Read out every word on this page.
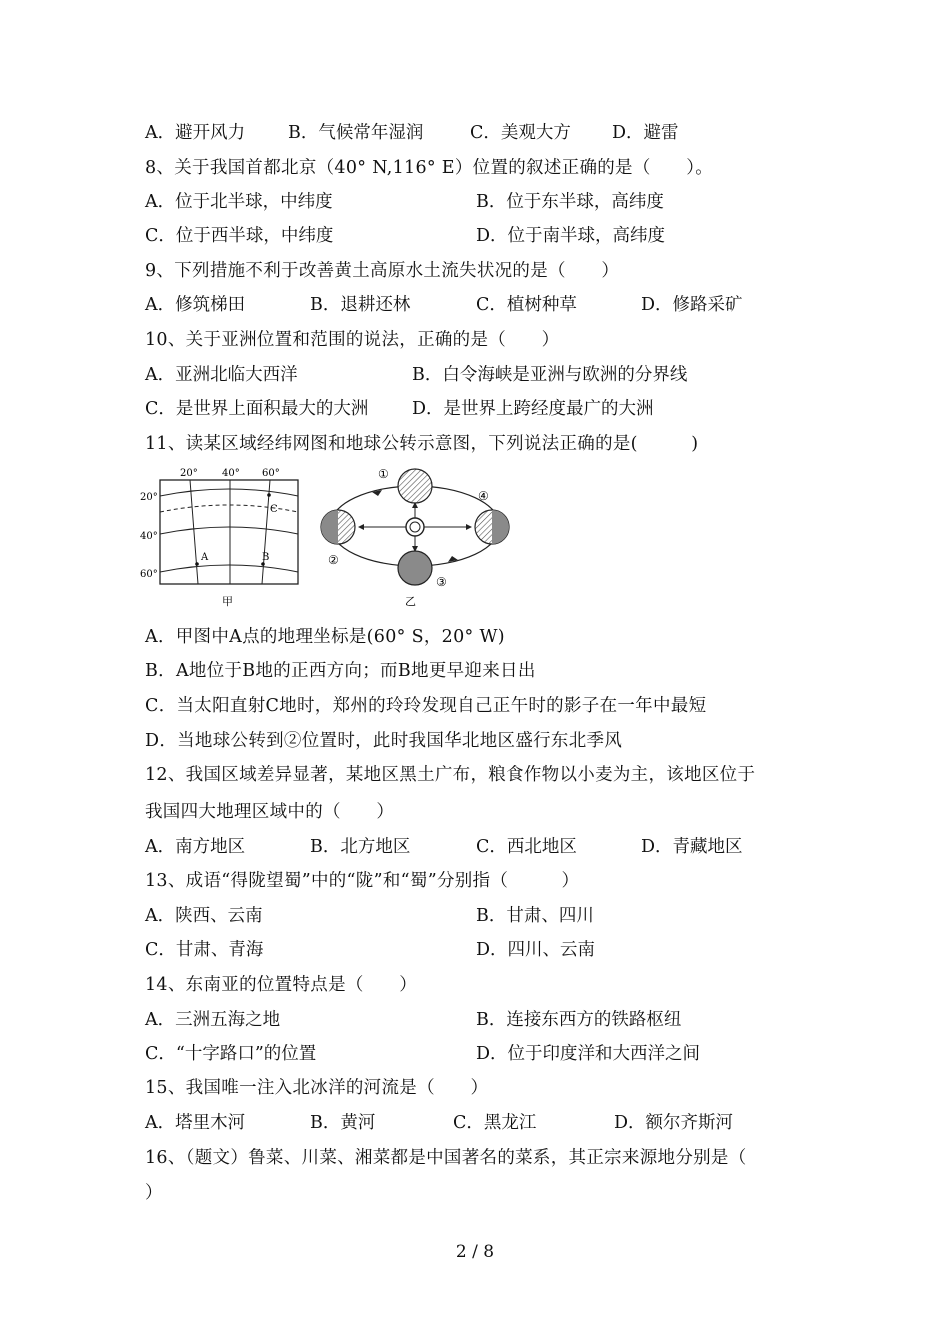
A．避开风力 B．气候常年湿润	C．美观大方 D．避雷
8、关于我国首都北京（40° N,116° E）位置的叙述正确的是（　　）。
A．位于北半球，中纬度	B．位于东半球，高纬度
C．位于西半球，中纬度	D．位于南半球，高纬度
9、下列措施不利于改善黄土高原水土流失状况的是（　　）
A．修筑梯田	B．退耕还林	C．植树种草	D．修路采矿
10、关于亚洲位置和范围的说法，正确的是（　　）
A．亚洲北临大西洋	B．白令海峡是亚洲与欧洲的分界线
C．是世界上面积最大的大洲 D．是世界上跨经度最广的大洲
11、读某区域经纬网图和地球公转示意图，下列说法正确的是(　　　)
20° 40° 60°
20°
40°
60°
A	B
C
甲
①
②
③
④
乙
A．甲图中A点的地理坐标是(60° S，20° W)
B．A地位于B地的正西方向；而B地更早迎来日出
C．当太阳直射C地时，郑州的玲玲发现自己正午时的影子在一年中最短
D．当地球公转到②位置时，此时我国华北地区盛行东北季风
12、我国区域差异显著，某地区黑土广布，粮食作物以小麦为主，该地区位于
我国四大地理区域中的（　　）
A．南方地区	B．北方地区	C．西北地区	D．青藏地区
13、成语“得陇望蜀”中的“陇”和“蜀”分别指（　　　）
A．陕西、云南	B．甘肃、四川
C．甘肃、青海	D．四川、云南
14、东南亚的位置特点是（　　）
A．三洲五海之地	B．连接东西方的铁路枢纽
C．“十字路口”的位置	D．位于印度洋和大西洋之间
15、我国唯一注入北冰洋的河流是（　　）
A．塔里木河	B．黄河	C．黑龙江	D．额尔齐斯河
16、（题文）鲁菜、川菜、湘菜都是中国著名的菜系，其正宗来源地分别是（
）
2 / 8
